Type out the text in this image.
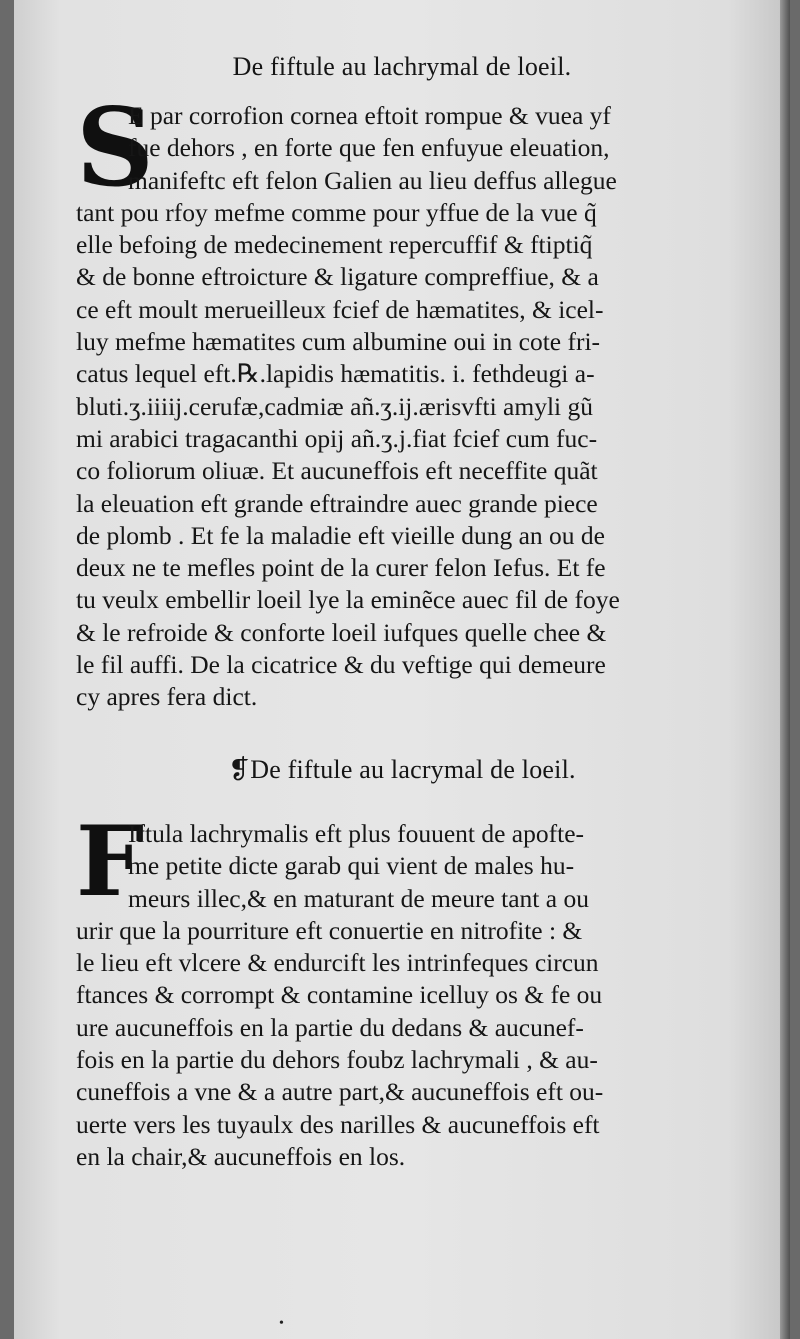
De fiftule au lachrymal de loeil.
S
E par corrofion cornea eftoit rompue & vuea yf
fue dehors , en forte que fen enfuyue eleuation,
manifeftc eft felon Galien au lieu deffus allegue
tant pou rfoy mefme comme pour yffue de la vue q̃
elle befoing de medecinement repercuffif & ftiptiq̃
& de bonne eftroicture & ligature compreffiue, & a
ce eft moult merueilleux fcief de hæmatites, & icel-
luy mefme hæmatites cum albumine oui in cote fri-
catus lequel eft.℞.lapidis hæmatitis. i. fethdeugi a-
bluti.ʒ.iiiij.cerufæ,cadmiæ añ.ʒ.ij.ærisvfti amyli gũ
mi arabici tragacanthi opij añ.ʒ.j.fiat fcief cum fuc-
co foliorum oliuæ. Et aucuneffois eft neceffite quãt
la eleuation eft grande eftraindre auec grande piece
de plomb . Et fe la maladie eft vieille dung an ou de
deux ne te mefles point de la curer felon Iefus. Et fe
tu veulx embellir loeil lye la eminẽce auec fil de foye
& le refroide & conforte loeil iufques quelle chee &
le fil auffi. De la cicatrice & du veftige qui demeure
cy apres fera dict.
❡De fiftule au lacrymal de loeil.
F
Iftula lachrymalis eft plus fouuent de apofte-
me petite dicte garab qui vient de males hu-
meurs illec,& en maturant de meure tant a ou
urir que la pourriture eft conuertie en nitrofite : &
le lieu eft vlcere & endurcift les intrinfeques circun
ftances & corrompt & contamine icelluy os & fe ou
ure aucuneffois en la partie du dedans & aucunef-
fois en la partie du dehors foubz lachrymali , & au-
cuneffois a vne & a autre part,& aucuneffois eft ou-
uerte vers les tuyaulx des narilles & aucuneffois eft
en la chair,& aucuneffois en los.
•
